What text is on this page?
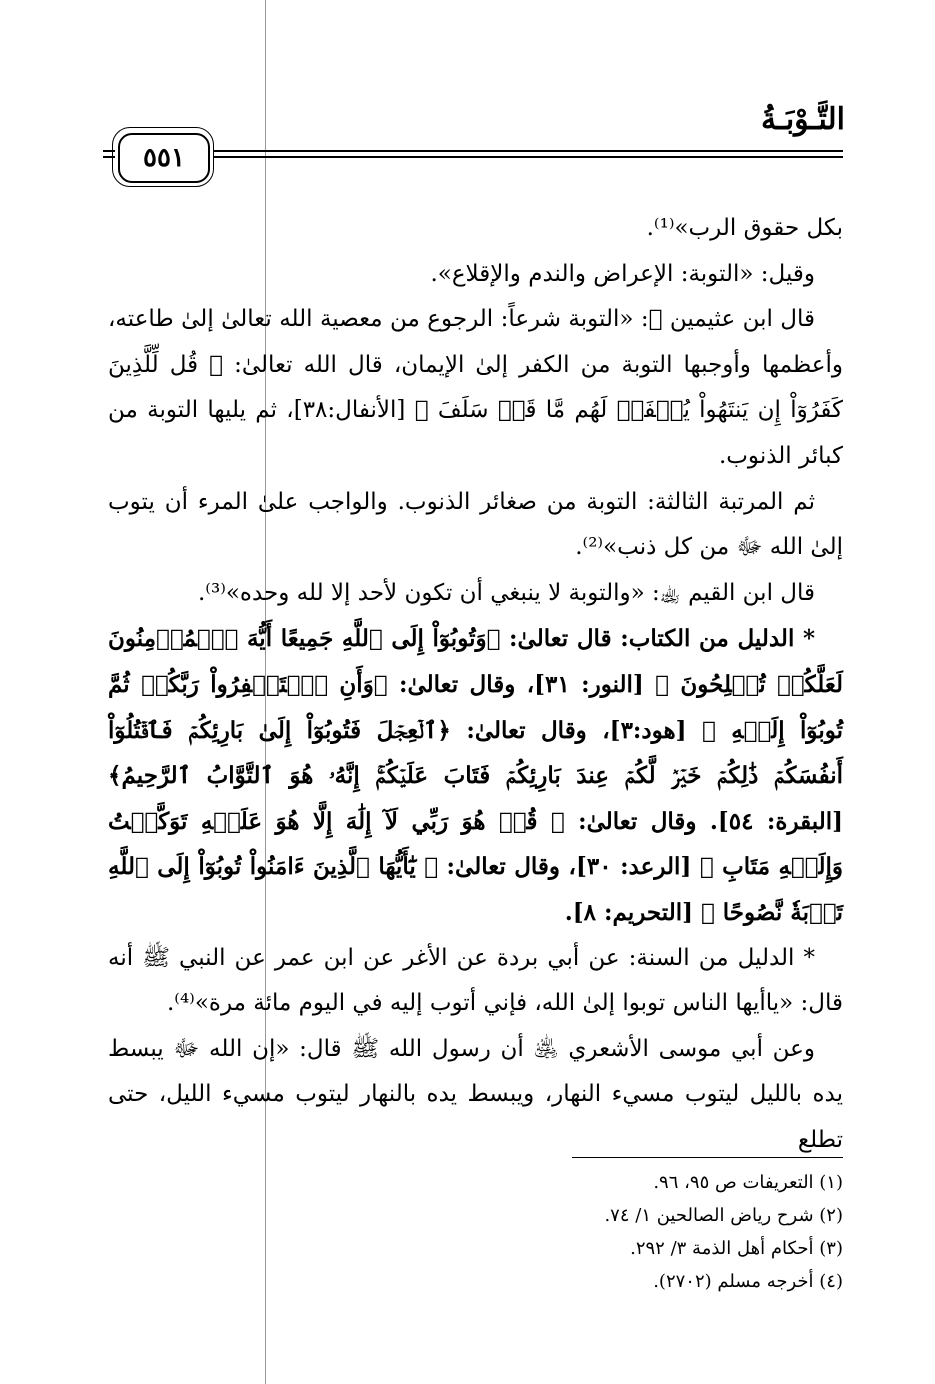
التَّـوْبَـةُ
٥٥١

بكل حقوق الرب»⁽¹⁾.

وقيل: «التوبة: الإعراض والندم والإقلاع».

قال ابن عثيمين ﵀: «التوبة شرعاً: الرجوع من معصية الله تعالىٰ إلىٰ طاعته، وأعظمها وأوجبها التوبة من الكفر إلىٰ الإيمان، قال الله تعالىٰ: ﴿ قُل لِّلَّذِينَ كَفَرُوٓاْ إِن يَنتَهُواْ يُغۡفَرۡ لَهُم مَّا قَدۡ سَلَفَ ﴾ [الأنفال:٣٨]، ثم يليها التوبة من كبائر الذنوب.

ثم المرتبة الثالثة: التوبة من صغائر الذنوب. والواجب علىٰ المرء أن يتوب إلىٰ الله ﷻ من كل ذنب»⁽²⁾.

قال ابن القيم ﵀: «والتوبة لا ينبغي أن تكون لأحد إلا لله وحده»⁽³⁾.

* الدليل من الكتاب: قال تعالىٰ: ﴿وَتُوبُوٓاْ إِلَى ٱللَّهِ جَمِيعًا أَيُّهَ ٱلۡمُؤۡمِنُونَ لَعَلَّكُمۡ تُفۡلِحُونَ ﴾ [النور: ٣١]، وقال تعالىٰ: ﴿وَأَنِ ٱسۡتَغۡفِرُواْ رَبَّكُمۡ ثُمَّ تُوبُوٓاْ إِلَيۡهِ ﴾ [هود:٣]، وقال تعالىٰ: ﴿ٱلۡعِجۡلَ فَتُوبُوٓاْ إِلَىٰ بَارِئِكُمۡ فَٱقۡتُلُوٓاْ أَنفُسَكُمۡ ذَٰلِكُمۡ خَيۡرٞ لَّكُمۡ عِندَ بَارِئِكُمۡ فَتَابَ عَلَيۡكُمۡۚ إِنَّهُۥ هُوَ ٱلتَّوَّابُ ٱلرَّحِيمُ﴾ [البقرة: ٥٤]. وقال تعالىٰ: ﴿ قُلۡ هُوَ رَبِّي لَآ إِلَٰهَ إِلَّا هُوَ عَلَيۡهِ تَوَكَّلۡتُ وَإِلَيۡهِ مَتَابِ ﴾ [الرعد: ٣٠]، وقال تعالىٰ: ﴿ يَٰٓأَيُّهَا ٱلَّذِينَ ءَامَنُواْ تُوبُوٓاْ إِلَى ٱللَّهِ تَوۡبَةٗ نَّصُوحًا ﴾ [التحريم: ٨].

* الدليل من السنة: عن أبي بردة عن الأغر عن ابن عمر عن النبي ﷺ أنه قال: «ياأيها الناس توبوا إلىٰ الله، فإني أتوب إليه في اليوم مائة مرة»⁽⁴⁾.

وعن أبي موسى الأشعري ﵁ أن رسول الله ﷺ قال: «إن الله ﷻ يبسط يده بالليل ليتوب مسيء النهار، ويبسط يده بالنهار ليتوب مسيء الليل، حتى تطلع

(١) التعريفات ص ٩٥، ٩٦.

(٢) شرح رياض الصالحين ١/ ٧٤.

(٣) أحكام أهل الذمة ٣/ ٢٩٢.

(٤) أخرجه مسلم (٢٧٠٢).
